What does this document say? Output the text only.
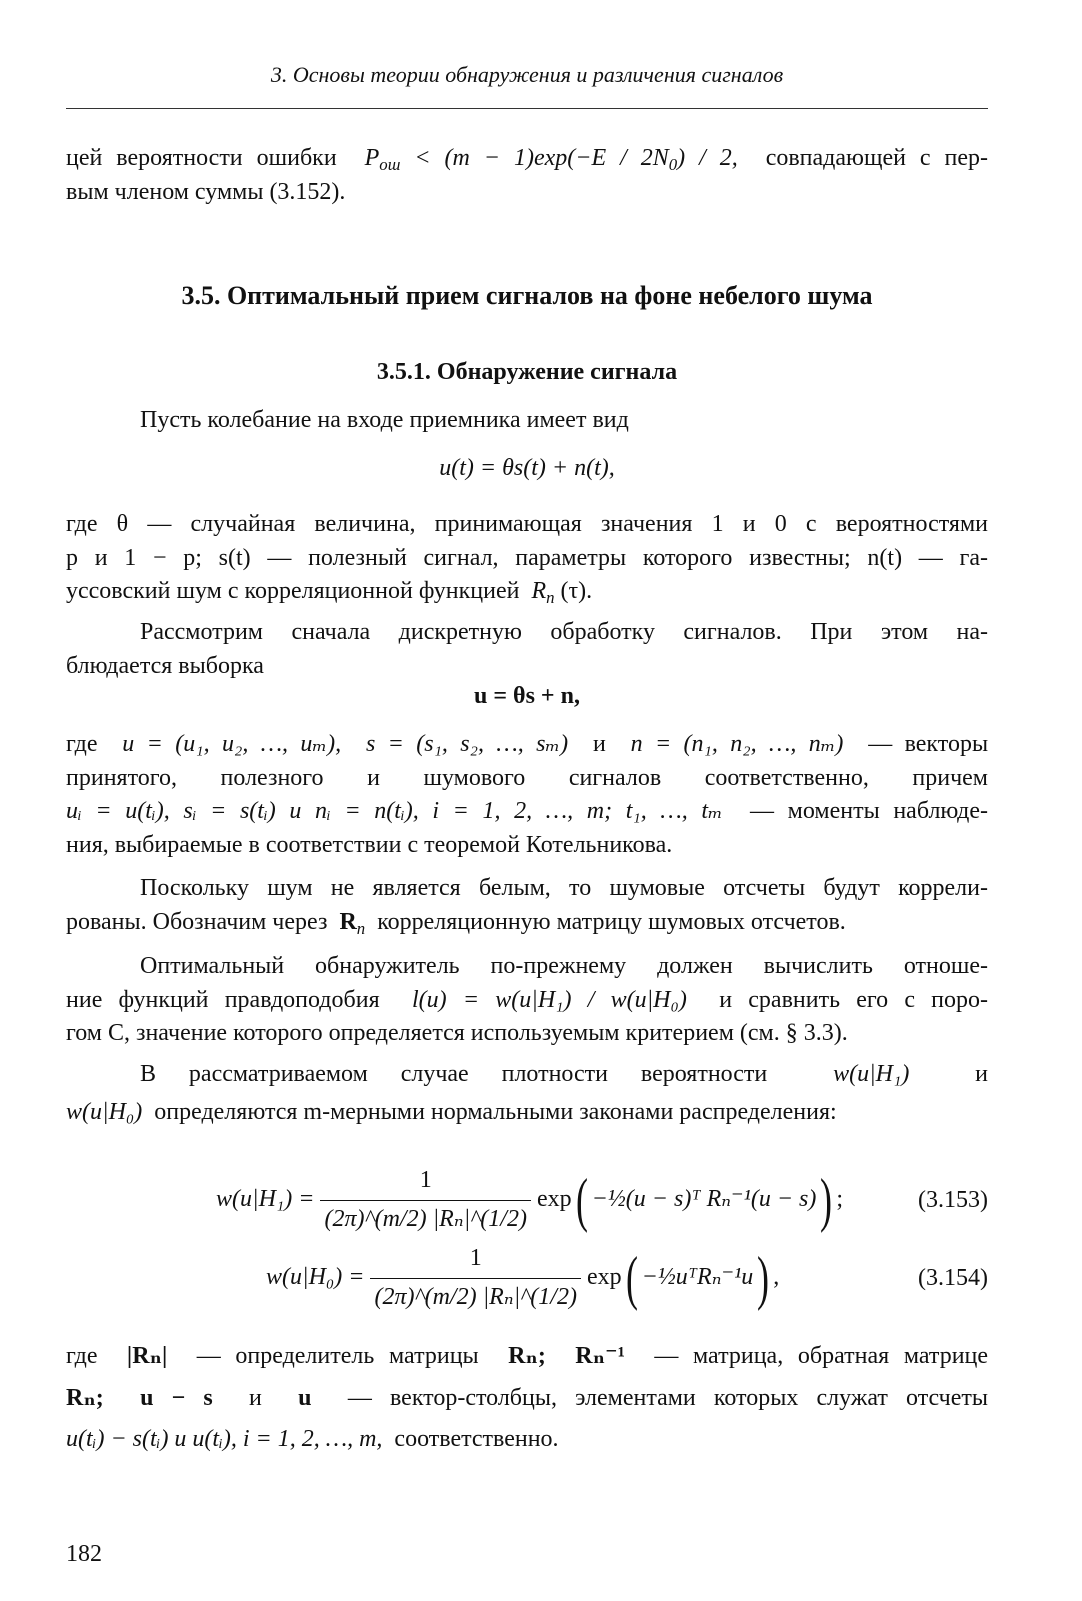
3. Основы теории обнаружения и различения сигналов
цей вероятности ошибки $P_{ош} < (m - 1)\exp(-E / 2N_0) / 2$, совпадающей с пер-
вым членом суммы (3.152).
3.5. Оптимальный прием сигналов на фоне небелого шума
3.5.1. Обнаружение сигнала
Пусть колебание на входе приемника имеет вид
u(t) = θs(t) + n(t),
где θ — случайная величина, принимающая значения 1 и 0 с вероятностями
p и 1 − p; s(t) — полезный сигнал, параметры которого известны; n(t) — га-
уссовский шум с корреляционной функцией $R_n$ (τ).
Рассмотрим сначала дискретную обработку сигналов. При этом на-
блюдается выборка
u = θs + n,
где u = (u₁, u₂, …, uₘ), s = (s₁, s₂, …, sₘ) и n = (n₁, n₂, …, nₘ) — векторы
принятого, полезного и шумового сигналов соответственно, причем
uᵢ = u(tᵢ), sᵢ = s(tᵢ) и nᵢ = n(tᵢ), i = 1, 2, …, m; t₁, …, tₘ — моменты наблюде-
ния, выбираемые в соответствии с теоремой Котельникова.
Поскольку шум не является белым, то шумовые отсчеты будут коррели-
рованы. Обозначим через $R_n$ корреляционную матрицу шумовых отсчетов.
Оптимальный обнаружитель по-прежнему должен вычислить отноше-
ние функций правдоподобия l(u) = w(u|H₁) / w(u|H₀) и сравнить его с поро-
гом C, значение которого определяется используемым критерием (см. § 3.3).
В рассматриваемом случае плотности вероятности	w(u|H₁)	и
w(u|H₀) определяются m-мерными нормальными законами распределения:
$w(u|H_1) = \frac{1}{\text{(2π)\textasciicircum{}(m/2) |Rₙ|\textasciicircum{}(1/2)}}$ exp ( −½(u − s)ᵀ Rₙ⁻¹(u − s) ) ;	(3.153)
$w(u|H_0) = \frac{1}{\text{(2π)\textasciicircum{}(m/2) |Rₙ|\textasciicircum{}(1/2)}}$ exp ( −½uᵀRₙ⁻¹u ) ,	(3.154)
где |Rₙ| — определитель матрицы Rₙ; Rₙ⁻¹ — матрица, обратная матрице
Rₙ; u − s и u — вектор-столбцы, элементами которых служат отсчеты
u(tᵢ) − s(tᵢ) и u(tᵢ), i = 1, 2, …, m, соответственно.
182
